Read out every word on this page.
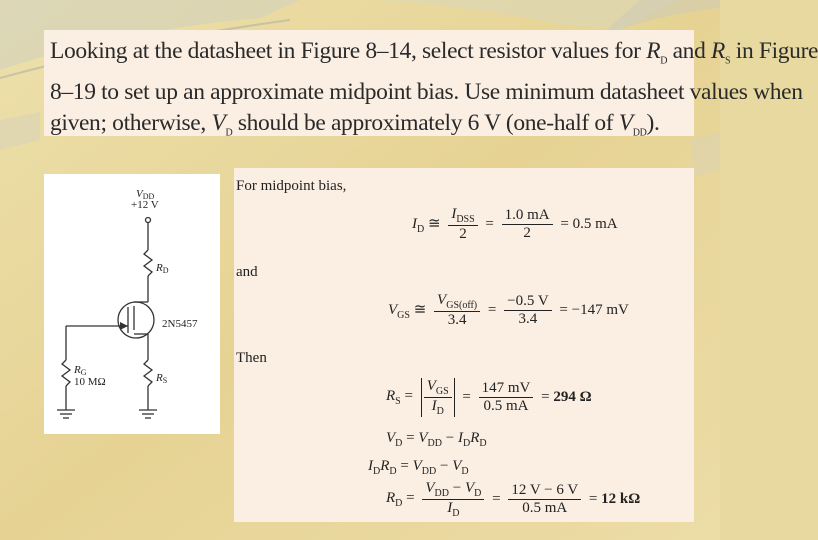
Looking at the datasheet in Figure 8–14, select resistor values for $R_D$ and $R_S$ in Figure
8–19 to set up an approximate midpoint bias. Use minimum datasheet values when
given; otherwise, $V_D$ should be approximately 6 V (one-half of $V_{DD}$).
VDD
+12 V
RD
2N5457
RG
10 MΩ	RS
For midpoint bias,
$I_D$ ≅ $\frac{I_{DSS}}{2} = \frac{1.0 mA}{2} = 0.5$ mA
and
$V_{GS}$ ≅ $\frac{V_{GS(off)}}{3.4} = \frac{-0.5 V}{3.4} = -147$ mV
Then
$R_S = \frac{V_{GS}}{I_D} = \frac{147 mV}{0.5 mA} = 294$ Ω
$V_D = V_{DD} - I_DR_D$
$I_DR_D = V_{DD} - V_D$
$R_D = \frac{V_{DD} - V_D}{I_D} = \frac{12 V - 6 V}{0.5 mA} = 12$ kΩ
